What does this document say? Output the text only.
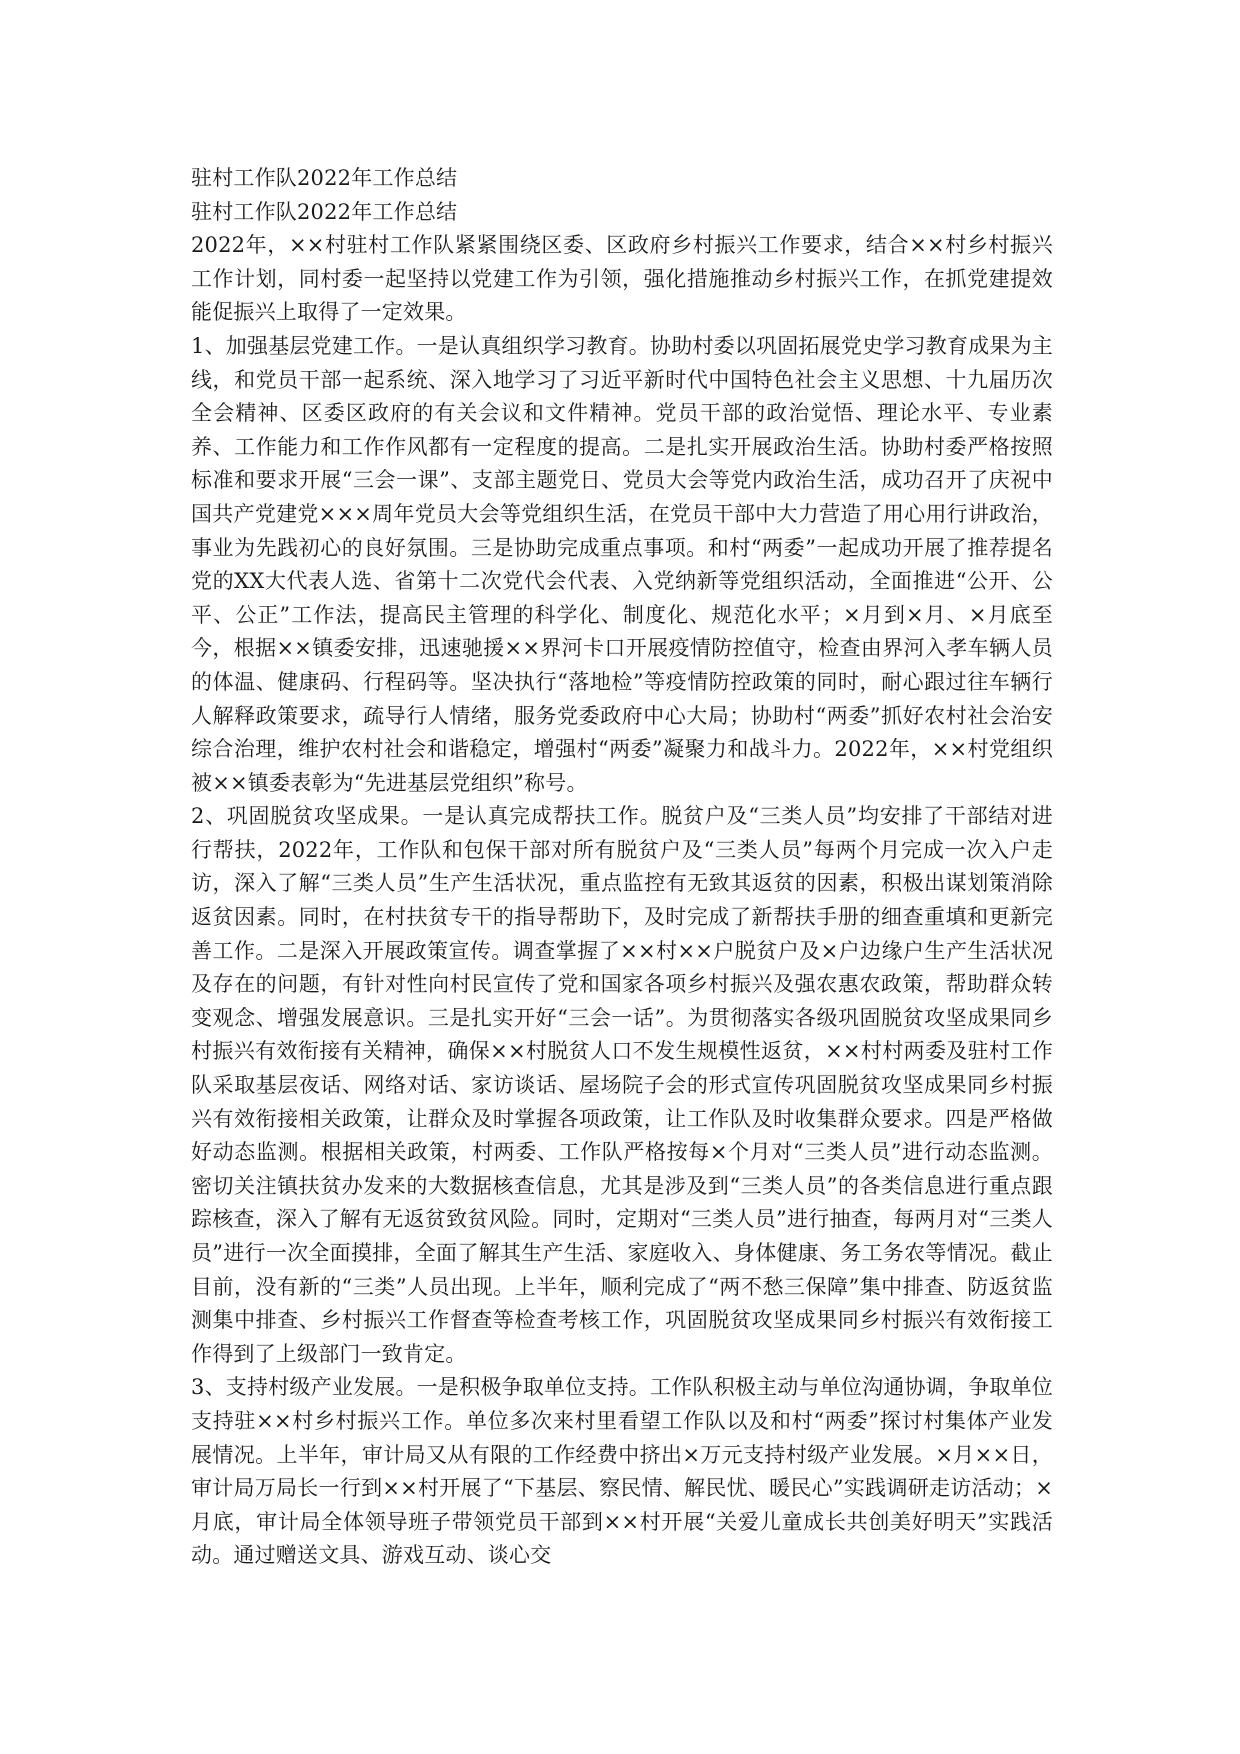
驻村工作队2022年工作总结
驻村工作队2022年工作总结

2022年，××村驻村工作队紧紧围绕区委、区政府乡村振兴工作要求，结合××村乡村振兴工作计划，同村委一起坚持以党建工作为引领，强化措施推动乡村振兴工作，在抓党建提效能促振兴上取得了一定效果。

1、加强基层党建工作。一是认真组织学习教育。协助村委以巩固拓展党史学习教育成果为主线，和党员干部一起系统、深入地学习了习近平新时代中国特色社会主义思想、十九届历次全会精神、区委区政府的有关会议和文件精神。党员干部的政治觉悟、理论水平、专业素养、工作能力和工作作风都有一定程度的提高。二是扎实开展政治生活。协助村委严格按照标准和要求开展“三会一课”、支部主题党日、党员大会等党内政治生活，成功召开了庆祝中国共产党建党×××周年党员大会等党组织生活，在党员干部中大力营造了用心用行讲政治，事业为先践初心的良好氛围。三是协助完成重点事项。和村“两委”一起成功开展了推荐提名党的XX大代表人选、省第十二次党代会代表、入党纳新等党组织活动，全面推进“公开、公平、公正”工作法，提高民主管理的科学化、制度化、规范化水平；×月到×月、×月底至今，根据××镇委安排，迅速驰援××界河卡口开展疫情防控值守，检查由界河入孝车辆人员的体温、健康码、行程码等。坚决执行“落地检”等疫情防控政策的同时，耐心跟过往车辆行人解释政策要求，疏导行人情绪，服务党委政府中心大局；协助村“两委”抓好农村社会治安综合治理，维护农村社会和谐稳定，增强村“两委”凝聚力和战斗力。2022年，××村党组织被××镇委表彰为“先进基层党组织”称号。

2、巩固脱贫攻坚成果。一是认真完成帮扶工作。脱贫户及“三类人员”均安排了干部结对进行帮扶，2022年，工作队和包保干部对所有脱贫户及“三类人员”每两个月完成一次入户走访，深入了解“三类人员”生产生活状况，重点监控有无致其返贫的因素，积极出谋划策消除返贫因素。同时，在村扶贫专干的指导帮助下，及时完成了新帮扶手册的细查重填和更新完善工作。二是深入开展政策宣传。调查掌握了××村××户脱贫户及×户边缘户生产生活状况及存在的问题，有针对性向村民宣传了党和国家各项乡村振兴及强农惠农政策，帮助群众转变观念、增强发展意识。三是扎实开好“三会一话”。为贯彻落实各级巩固脱贫攻坚成果同乡村振兴有效衔接有关精神，确保××村脱贫人口不发生规模性返贫，××村村两委及驻村工作队采取基层夜话、网络对话、家访谈话、屋场院子会的形式宣传巩固脱贫攻坚成果同乡村振兴有效衔接相关政策，让群众及时掌握各项政策，让工作队及时收集群众要求。四是严格做好动态监测。根据相关政策，村两委、工作队严格按每×个月对“三类人员”进行动态监测。密切关注镇扶贫办发来的大数据核查信息，尤其是涉及到“三类人员”的各类信息进行重点跟踪核查，深入了解有无返贫致贫风险。同时，定期对“三类人员”进行抽查，每两月对“三类人员”进行一次全面摸排，全面了解其生产生活、家庭收入、身体健康、务工务农等情况。截止目前，没有新的“三类”人员出现。上半年，顺利完成了“两不愁三保障”集中排查、防返贫监测集中排查、乡村振兴工作督查等检查考核工作，巩固脱贫攻坚成果同乡村振兴有效衔接工作得到了上级部门一致肯定。

3、支持村级产业发展。一是积极争取单位支持。工作队积极主动与单位沟通协调，争取单位支持驻××村乡村振兴工作。单位多次来村里看望工作队以及和村“两委”探讨村集体产业发展情况。上半年，审计局又从有限的工作经费中挤出×万元支持村级产业发展。×月××日，审计局万局长一行到××村开展了“下基层、察民情、解民忧、暖民心”实践调研走访活动；×月底，审计局全体领导班子带领党员干部到××村开展“关爱儿童成长共创美好明天”实践活动。通过赠送文具、游戏互动、谈心交
